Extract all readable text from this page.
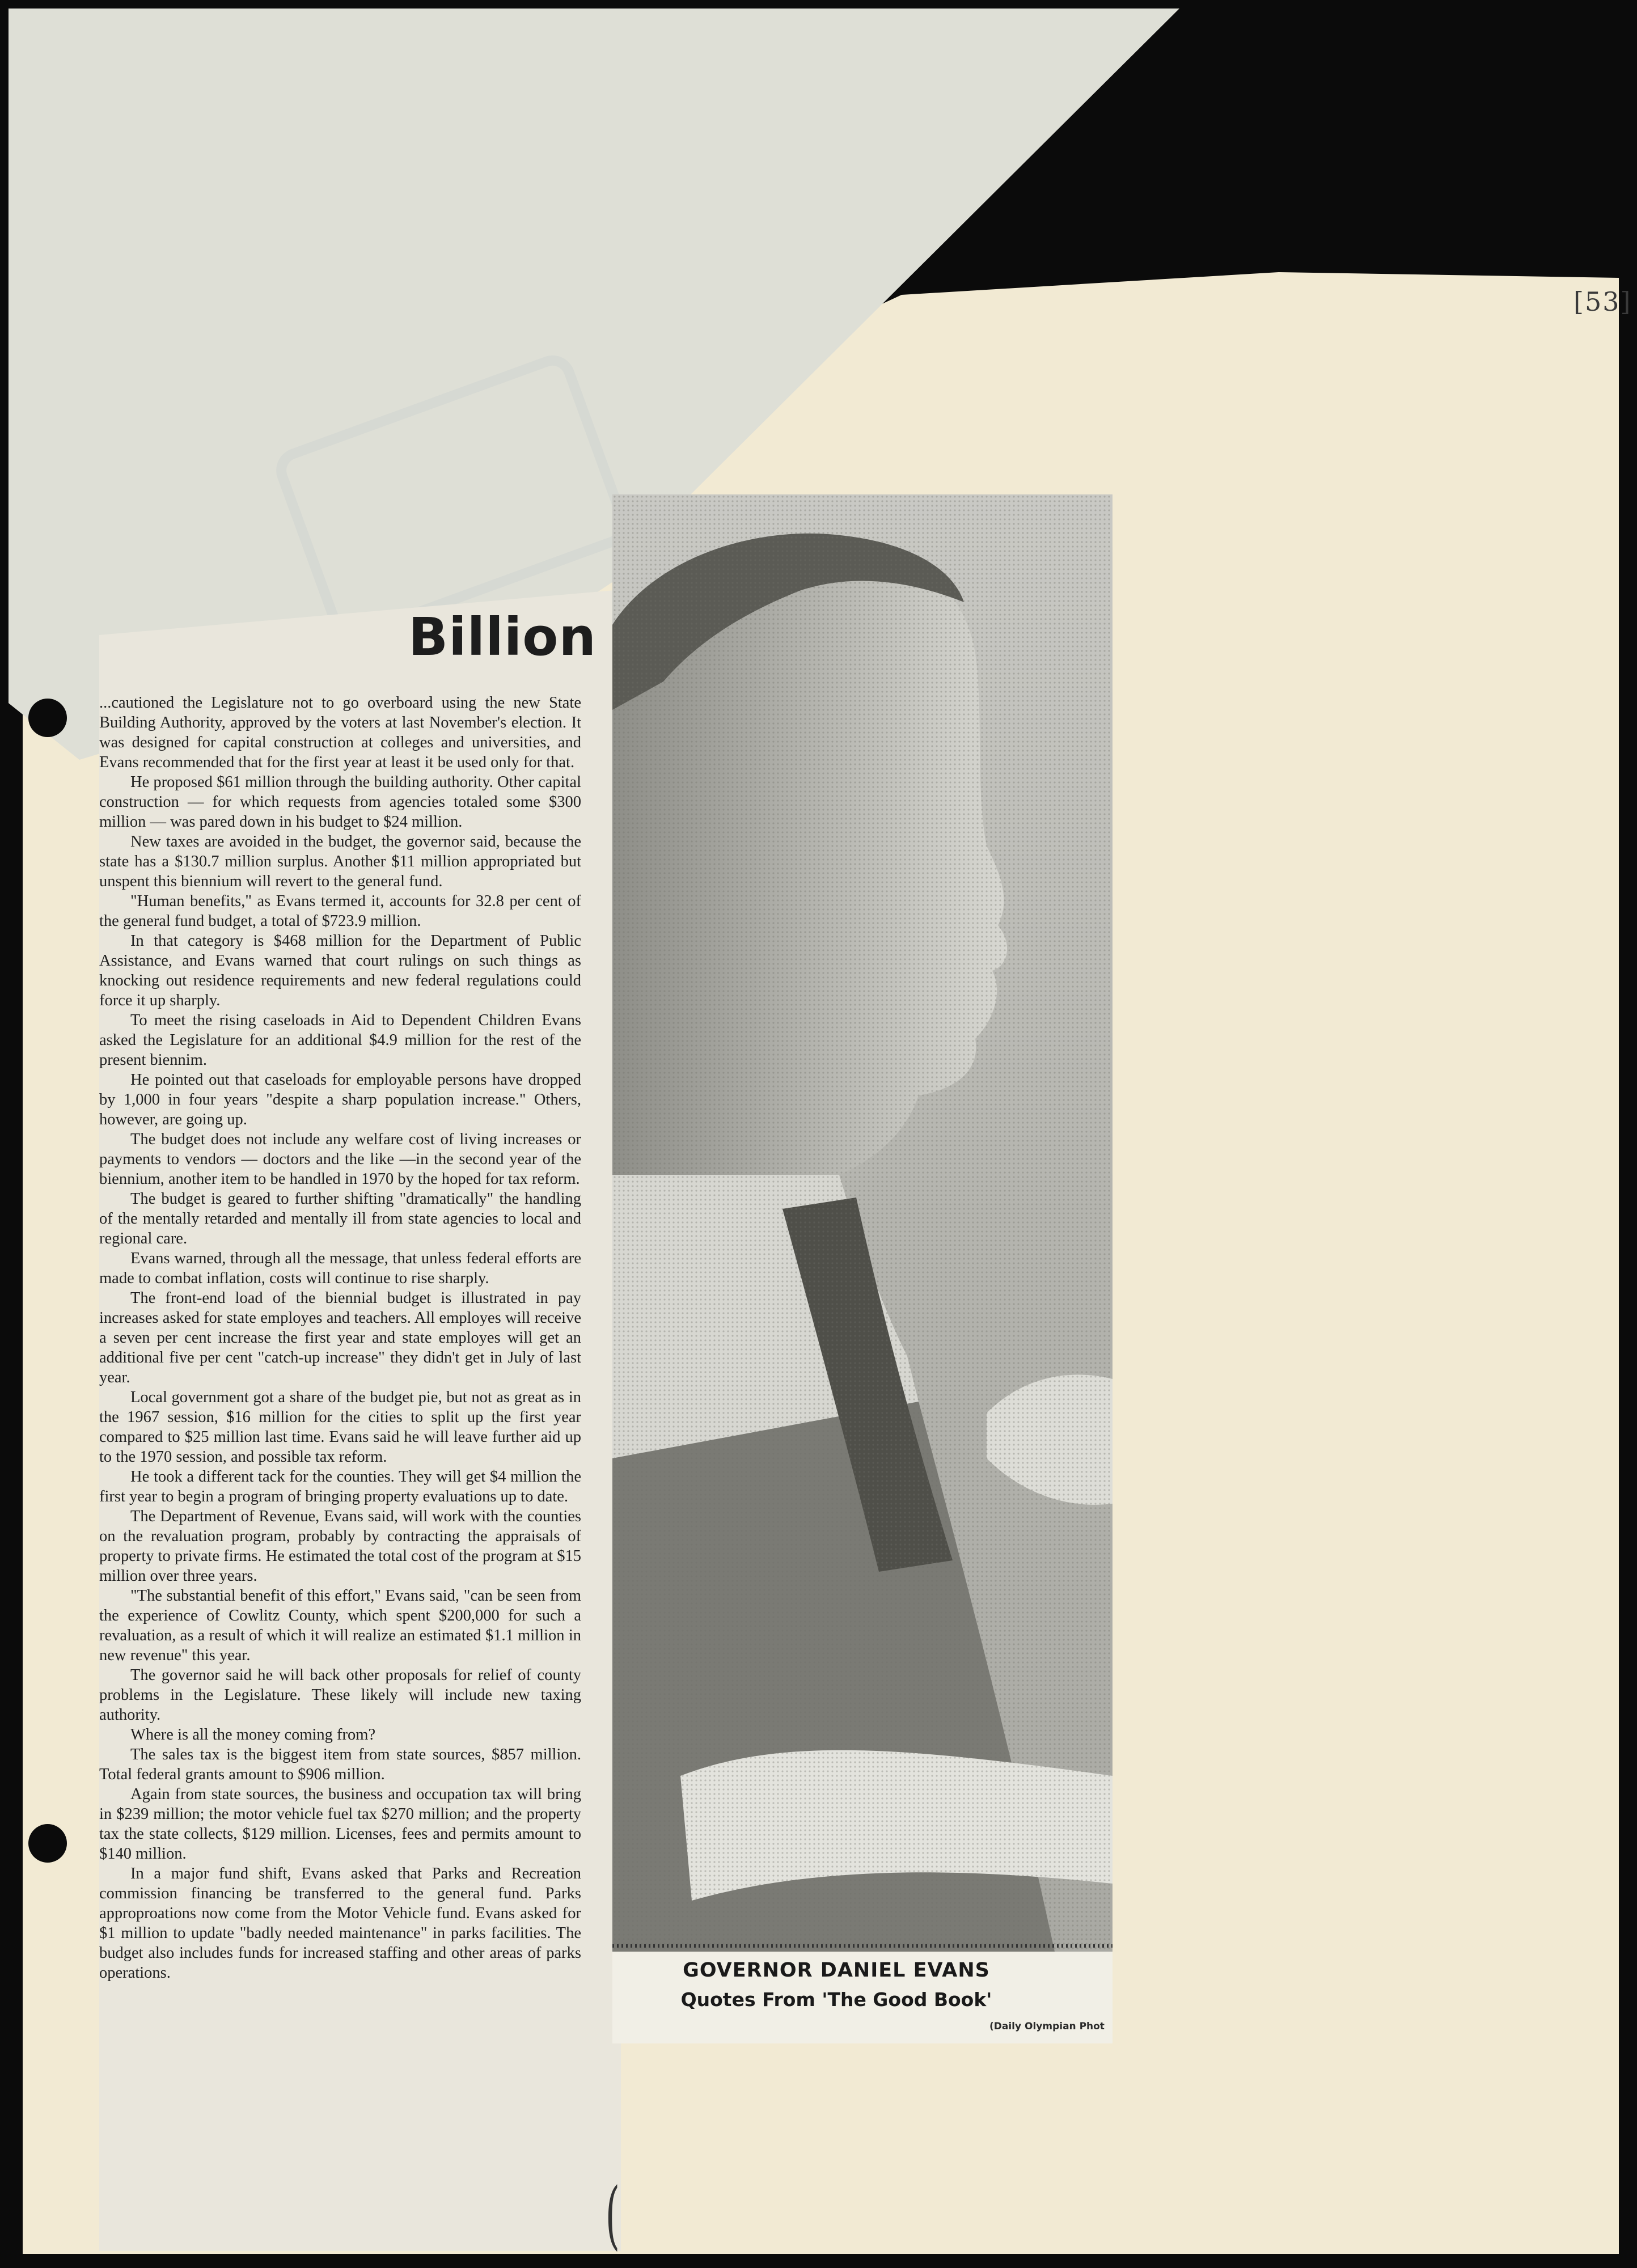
[53]
Billion

...cautioned the Legislature not to go overboard using the new State Building Authority, approved by the voters at last November's election. It was designed for capital construction at colleges and universities, and Evans recommended that for the first year at least it be used only for that.

He proposed $61 million through the building authority. Other capital construction — for which requests from agencies totaled some $300 million — was pared down in his budget to $24 million.

New taxes are avoided in the budget, the governor said, because the state has a $130.7 million surplus. Another $11 million appropriated but unspent this biennium will revert to the general fund.

"Human benefits," as Evans termed it, accounts for 32.8 per cent of the general fund budget, a total of $723.9 million.

In that category is $468 million for the Department of Public Assistance, and Evans warned that court rulings on such things as knocking out residence requirements and new federal regulations could force it up sharply.

To meet the rising caseloads in Aid to Dependent Children Evans asked the Legislature for an additional $4.9 million for the rest of the present biennim.

He pointed out that caseloads for employable persons have dropped by 1,000 in four years "despite a sharp population increase." Others, however, are going up.

The budget does not include any welfare cost of living increases or payments to vendors — doctors and the like —in the second year of the biennium, another item to be handled in 1970 by the hoped for tax reform.

The budget is geared to further shifting "dramatically" the handling of the mentally retarded and mentally ill from state agencies to local and regional care.

Evans warned, through all the message, that unless federal efforts are made to combat inflation, costs will continue to rise sharply.

The front-end load of the biennial budget is illustrated in pay increases asked for state employes and teachers. All employes will receive a seven per cent increase the first year and state employes will get an additional five per cent "catch-up increase" they didn't get in July of last year.

Local government got a share of the budget pie, but not as great as in the 1967 session, $16 million for the cities to split up the first year compared to $25 million last time. Evans said he will leave further aid up to the 1970 session, and possible tax reform.

He took a different tack for the counties. They will get $4 million the first year to begin a program of bringing property evaluations up to date.

The Department of Revenue, Evans said, will work with the counties on the revaluation program, probably by contracting the appraisals of property to private firms. He estimated the total cost of the program at $15 million over three years.

"The substantial benefit of this effort," Evans said, "can be seen from the experience of Cowlitz County, which spent $200,000 for such a revaluation, as a result of which it will realize an estimated $1.1 million in new revenue" this year.

The governor said he will back other proposals for relief of county problems in the Legislature. These likely will include new taxing authority.

Where is all the money coming from?

The sales tax is the biggest item from state sources, $857 million. Total federal grants amount to $906 million.

Again from state sources, the business and occupation tax will bring in $239 million; the motor vehicle fuel tax $270 million; and the property tax the state collects, $129 million. Licenses, fees and permits amount to $140 million.

In a major fund shift, Evans asked that Parks and Recreation commission financing be transferred to the general fund. Parks approproations now come from the Motor Vehicle fund. Evans asked for $1 million to update "badly needed maintenance" in parks facilities. The budget also includes funds for increased staffing and other areas of parks operations.

(
GOVERNOR DANIEL EVANS
Quotes From 'The Good Book'
(Daily Olympian Phot
